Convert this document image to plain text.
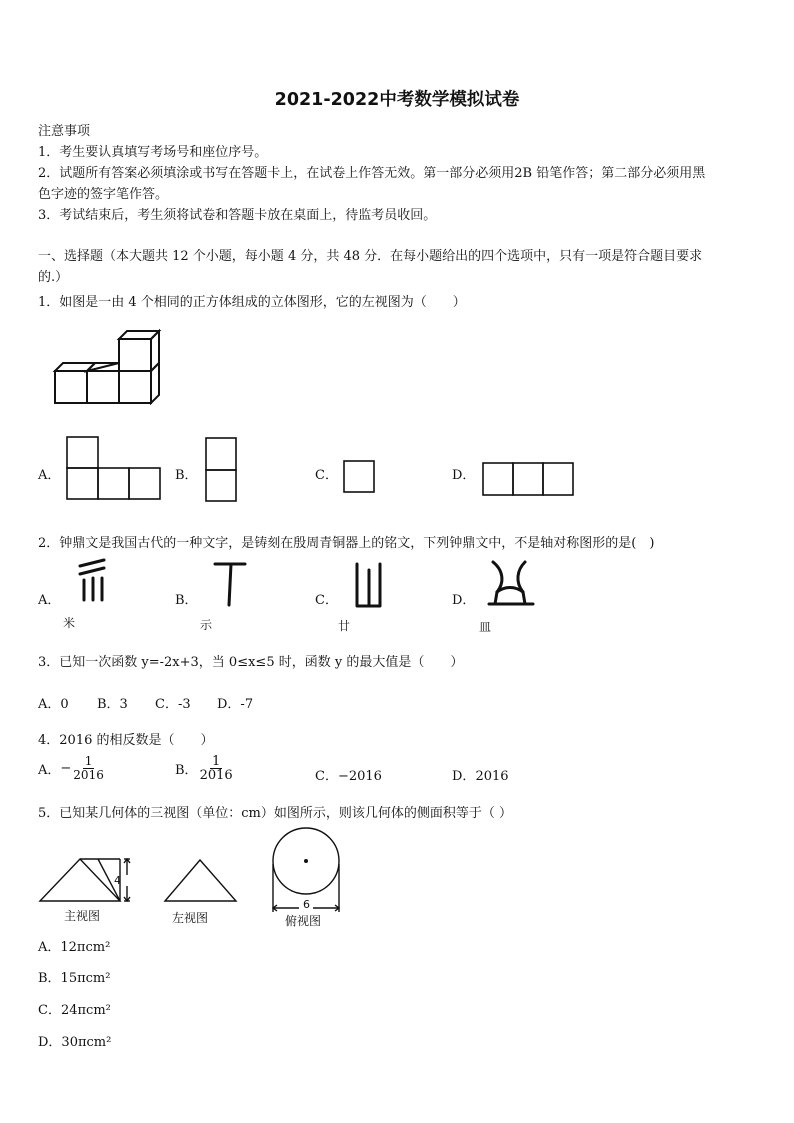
2021-2022中考数学模拟试卷
注意事项
1．考生要认真填写考场号和座位序号。
2．试题所有答案必须填涂或书写在答题卡上，在试卷上作答无效。第一部分必须用2B 铅笔作答；第二部分必须用黑
色字迹的签字笔作答。
3．考试结束后，考生须将试卷和答题卡放在桌面上，待监考员收回。
一、选择题（本大题共 12 个小题，每小题 4 分，共 48 分．在每小题给出的四个选项中，只有一项是符合题目要求
的.）
1．如图是一由 4 个相同的正方体组成的立体图形，它的左视图为（　　）
A．	B．	C．	D．
2．钟鼎文是我国古代的一种文字，是铸刻在殷周青铜器上的铭文，下列钟鼎文中，不是轴对称图形的是(　)
A．
米
B．
示
C．
廿
D．
皿
3．已知一次函数 y=-2x+3，当 0≤x≤5 时，函数 y 的最大值是（　　）
A．0 B．3 C．-3 D．-7
4．2016 的相反数是（　　）
A．− $\frac{1}{2016}$	B． $\frac{1}{2016}$	C．−2016	D．2016
5．已知某几何体的三视图（单位：cm）如图所示，则该几何体的侧面积等于（ ）
4
主视图	左视图
6
俯视图
A．12πcm²
B．15πcm²
C．24πcm²
D．30πcm²
